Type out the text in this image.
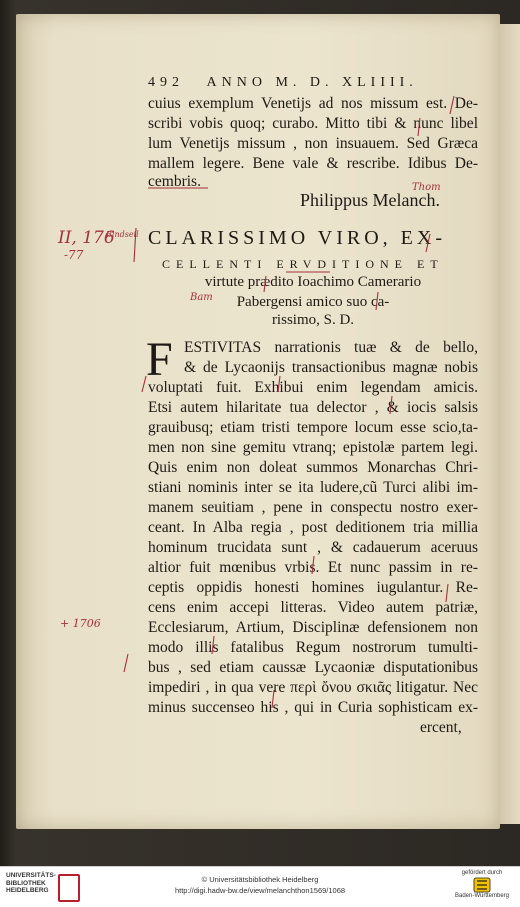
492 ANNO M. D. XLIIII.
cuius exemplum Venetijs ad nos missum est. De-
scribi vobis quoq; curabo. Mitto tibi & nunc libel
lum Venetijs missum , non insuauem. Sed Græca
mallem legere. Bene vale & rescribe. Idibus De-
cembris.
Philippus Melanch.
CLARISSIMO VIRO, EX-
CELLENTI ERVDITIONE ET
virtute prædito Ioachimo Camerario
Pabergensi amico suo ca-
rissimo, S. D.
F ESTIVITAS narrationis tuæ & de bello,
& de Lycaonijs transactionibus magnæ nobis
voluptati fuit. Exhibui enim legendam amicis.
Etsi autem hilaritate tua delector , & iocis salsis
grauibusq; etiam tristi tempore locum esse scio,ta-
men non sine gemitu vtranq; epistolæ partem legi.
Quis enim non doleat summos Monarchas Chri-
stiani nominis inter se ita ludere,cũ Turci alibi im-
manem seuitiam , pene in conspectu nostro exer-
ceant. In Alba regia , post deditionem tria millia
hominum trucidata sunt , & cadauerum aceruus
altior fuit mœnibus vrbis. Et nunc passim in re-
ceptis oppidis honesti homines iugulantur. Re-
cens enim accepi litteras. Video autem patriæ,
Ecclesiarum, Artium, Disciplinæ defensionem non
modo illis fatalibus Regum nostrorum tumulti-
bus , sed etiam caussæ Lycaoniæ disputationibus
impediri , in qua vere περὶ ὄνου σκιᾶς litigatur. Nec
minus succenseo his , qui in Curia sophisticam ex-
ercent,
II, 176
Bindseil
-77
Thom
Bam
+ 1706
UNIVERSITÄTS-
BIBLIOTHEK
HEIDELBERG
© Universitätsbibliothek Heidelberg
http://digi.hadw-bw.de/view/melanchthon1569/1068
gefördert durch
Baden-Württemberg
